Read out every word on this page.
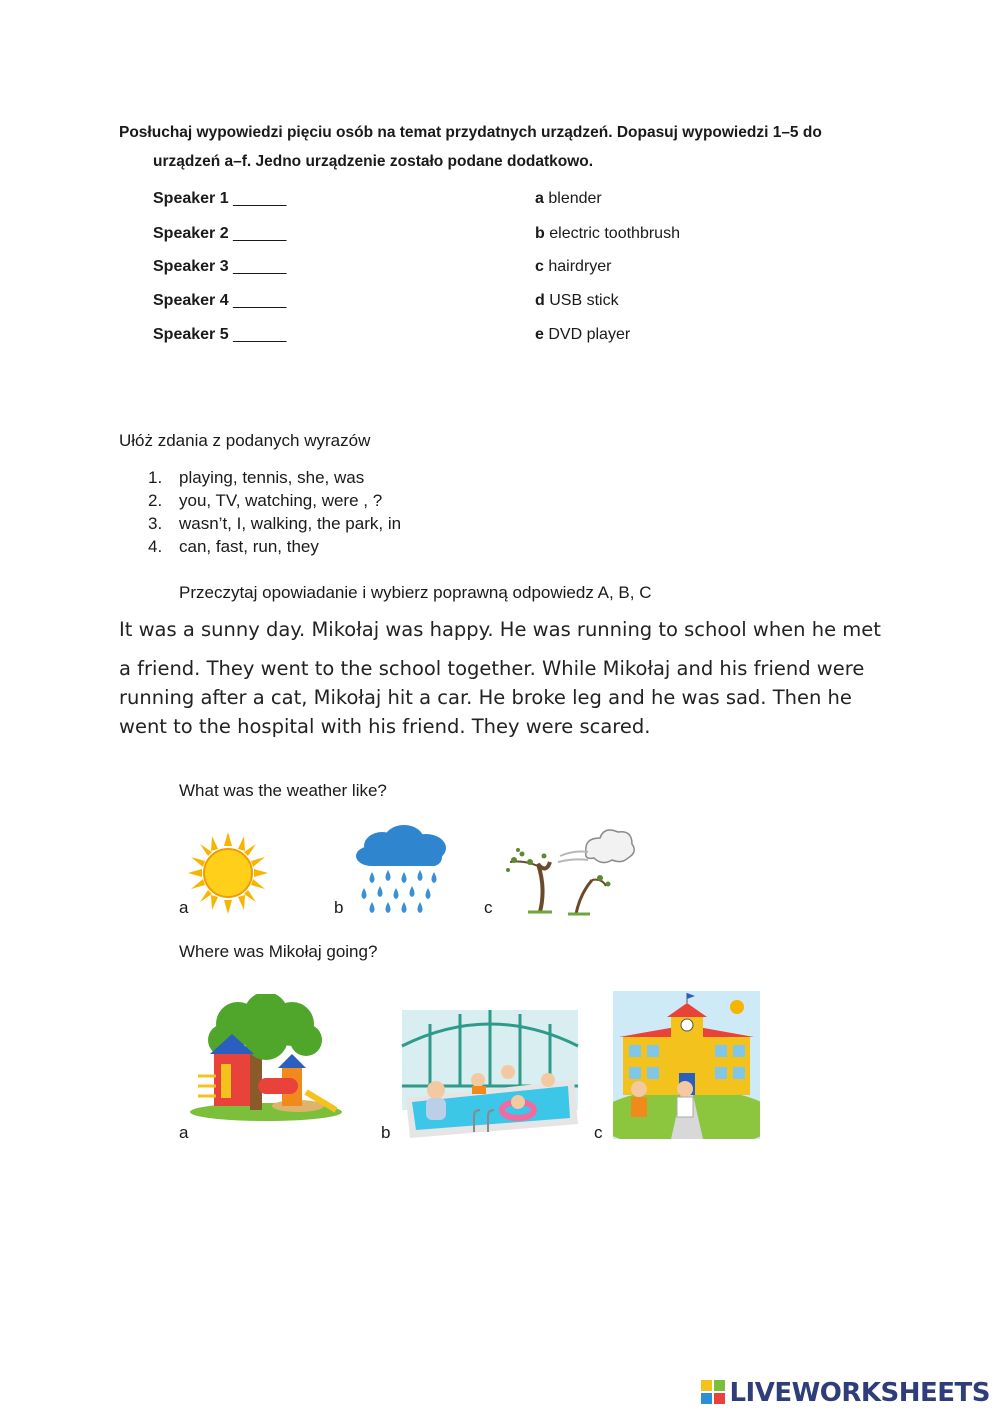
Posłuchaj wypowiedzi pięciu osób na temat przydatnych urządzeń. Dopasuj wypowiedzi 1–5 do
urządzeń a–f. Jedno urządzenie zostało podane dodatkowo.
Speaker 1 ______
Speaker 2 ______
Speaker 3 ______
Speaker 4 ______
Speaker 5 ______
a blender
b electric toothbrush
c hairdryer
d USB stick
e DVD player
Ułóż zdania z podanych wyrazów
1. playing, tennis, she, was
2. you, TV, watching, were , ?
3. wasn’t, I, walking, the park, in
4. can, fast, run, they
Przeczytaj opowiadanie i wybierz poprawną odpowiedz A, B, C
It was a sunny day. Mikołaj was happy. He was running to school when he met
a friend. They went to the school together. While Mikołaj and his friend were
running after a cat, Mikołaj hit a car. He broke leg and he was sad. Then he
went to the hospital with his friend. They were scared.
What was the weather like?
a	b	c
Where was Mikołaj going?
a	b	c
LIVEWORKSHEETS
